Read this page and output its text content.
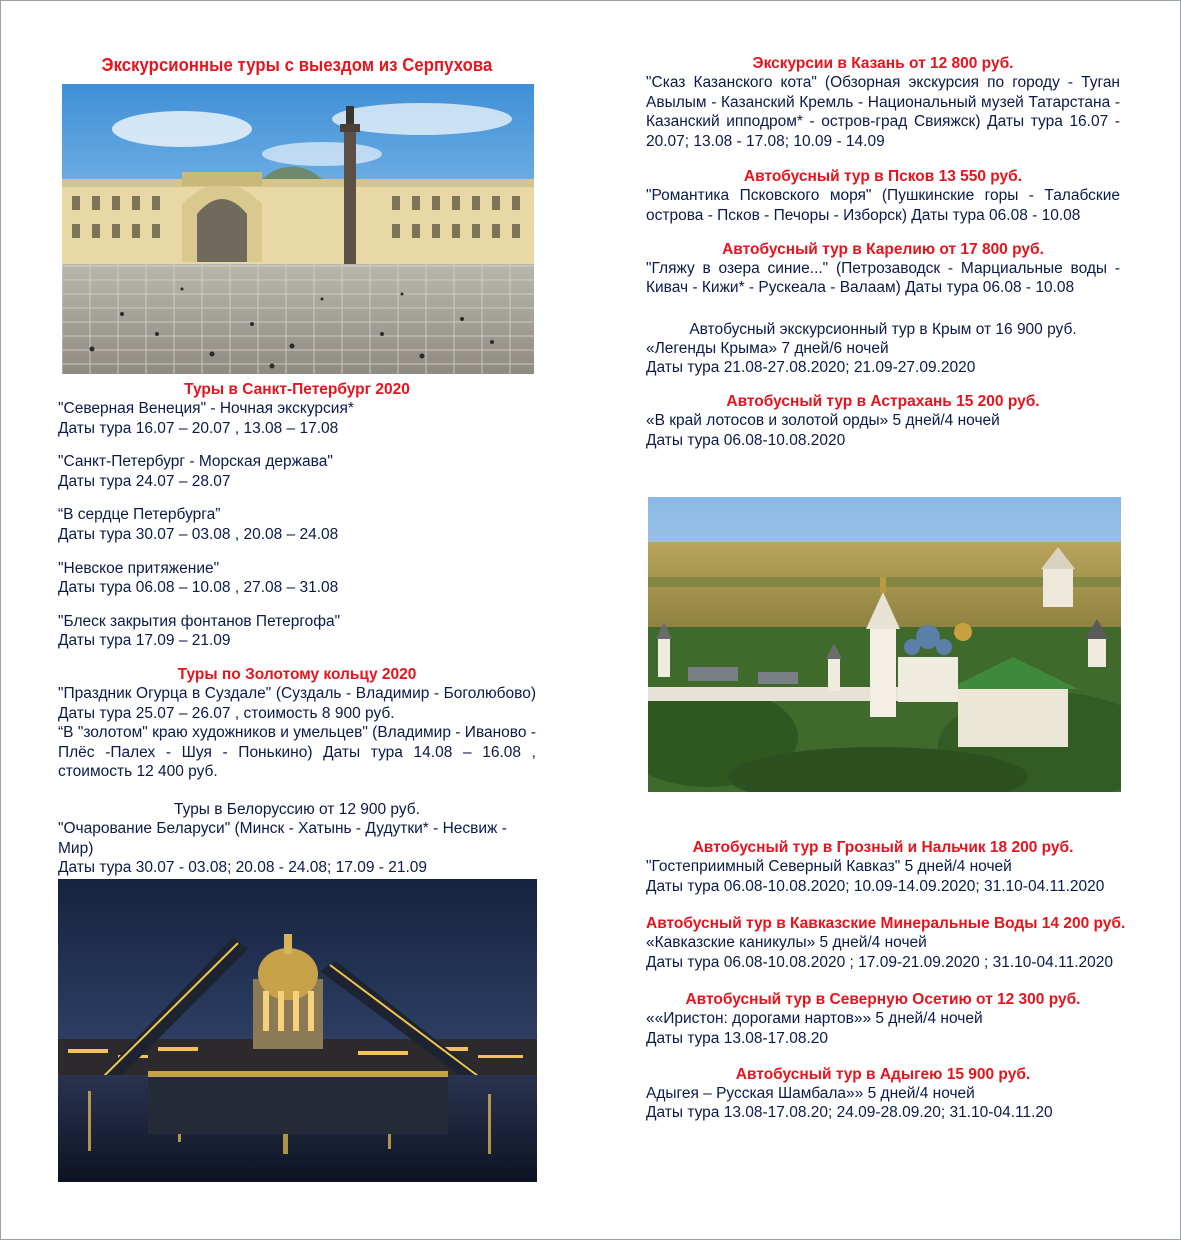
Экскурсионные туры с выездом из Серпухова
Туры в Санкт-Петербург 2020
"Северная Венеция" - Ночная экскурсия*
Даты тура 16.07 – 20.07 , 13.08 – 17.08
"Санкт-Петербург - Морская держава"
Даты тура 24.07 – 28.07
“В сердце Петербурга”
Даты тура 30.07 – 03.08 , 20.08 – 24.08
"Невское притяжение"
Даты тура 06.08 – 10.08 , 27.08 – 31.08
"Блеск закрытия фонтанов Петергофа"
Даты тура 17.09 – 21.09
Туры по Золотому кольцу 2020
"Праздник Огурца в Суздале" (Суздаль - Владимир - Боголюбово) Даты тура 25.07 – 26.07 , стоимость 8 900 руб.
“В "золотом" краю художников и умельцев" (Владимир - Иваново - Плёс -Палех - Шуя - Понькино) Даты тура 14.08 – 16.08 , стоимость 12 400 руб.
Туры в Белоруссию от 12 900 руб.
"Очарование Беларуси" (Минск - Хатынь - Дудутки* - Несвиж - Мир)
Даты тура 30.07 - 03.08; 20.08 - 24.08; 17.09 - 21.09
Экскурсии в Казань от 12 800 руб.
"Сказ Казанского кота" (Обзорная экскурсия по городу - Туган Авылым - Казанский Кремль - Национальный музей Татарстана - Казанский ипподром* - остров-град Свияжск) Даты тура 16.07 - 20.07; 13.08 - 17.08; 10.09 - 14.09
Автобусный тур в Псков 13 550 руб.
"Романтика Псковского моря" (Пушкинские горы - Талабские острова - Псков - Печоры - Изборск) Даты тура 06.08 - 10.08
Автобусный тур в Карелию от 17 800 руб.
"Гляжу в озера синие..." (Петрозаводск - Марциальные воды - Кивач - Кижи* - Рускеала - Валаам) Даты тура 06.08 - 10.08
Автобусный экскурсионный тур в Крым от 16 900 руб.
«Легенды Крыма» 7 дней/6 ночей
Даты тура 21.08-27.08.2020; 21.09-27.09.2020
Автобусный тур в Астрахань 15 200 руб.
«В край лотосов и золотой орды» 5 дней/4 ночей
Даты тура 06.08-10.08.2020
Автобусный тур в Грозный и Нальчик 18 200 руб.
"Гостеприимный Северный Кавказ" 5 дней/4 ночей
Даты тура 06.08-10.08.2020; 10.09-14.09.2020; 31.10-04.11.2020
Автобусный тур в Кавказские Минеральные Воды 14 200 руб.
«Кавказские каникулы» 5 дней/4 ночей
Даты тура 06.08-10.08.2020 ; 17.09-21.09.2020 ; 31.10-04.11.2020
Автобусный тур в Северную Осетию от 12 300 руб.
««Иристон: дорогами нартов»» 5 дней/4 ночей
Даты тура 13.08-17.08.20
Автобусный тур в Адыгею 15 900 руб.
Адыгея – Русская Шамбала»» 5 дней/4 ночей
Даты тура 13.08-17.08.20; 24.09-28.09.20; 31.10-04.11.20
